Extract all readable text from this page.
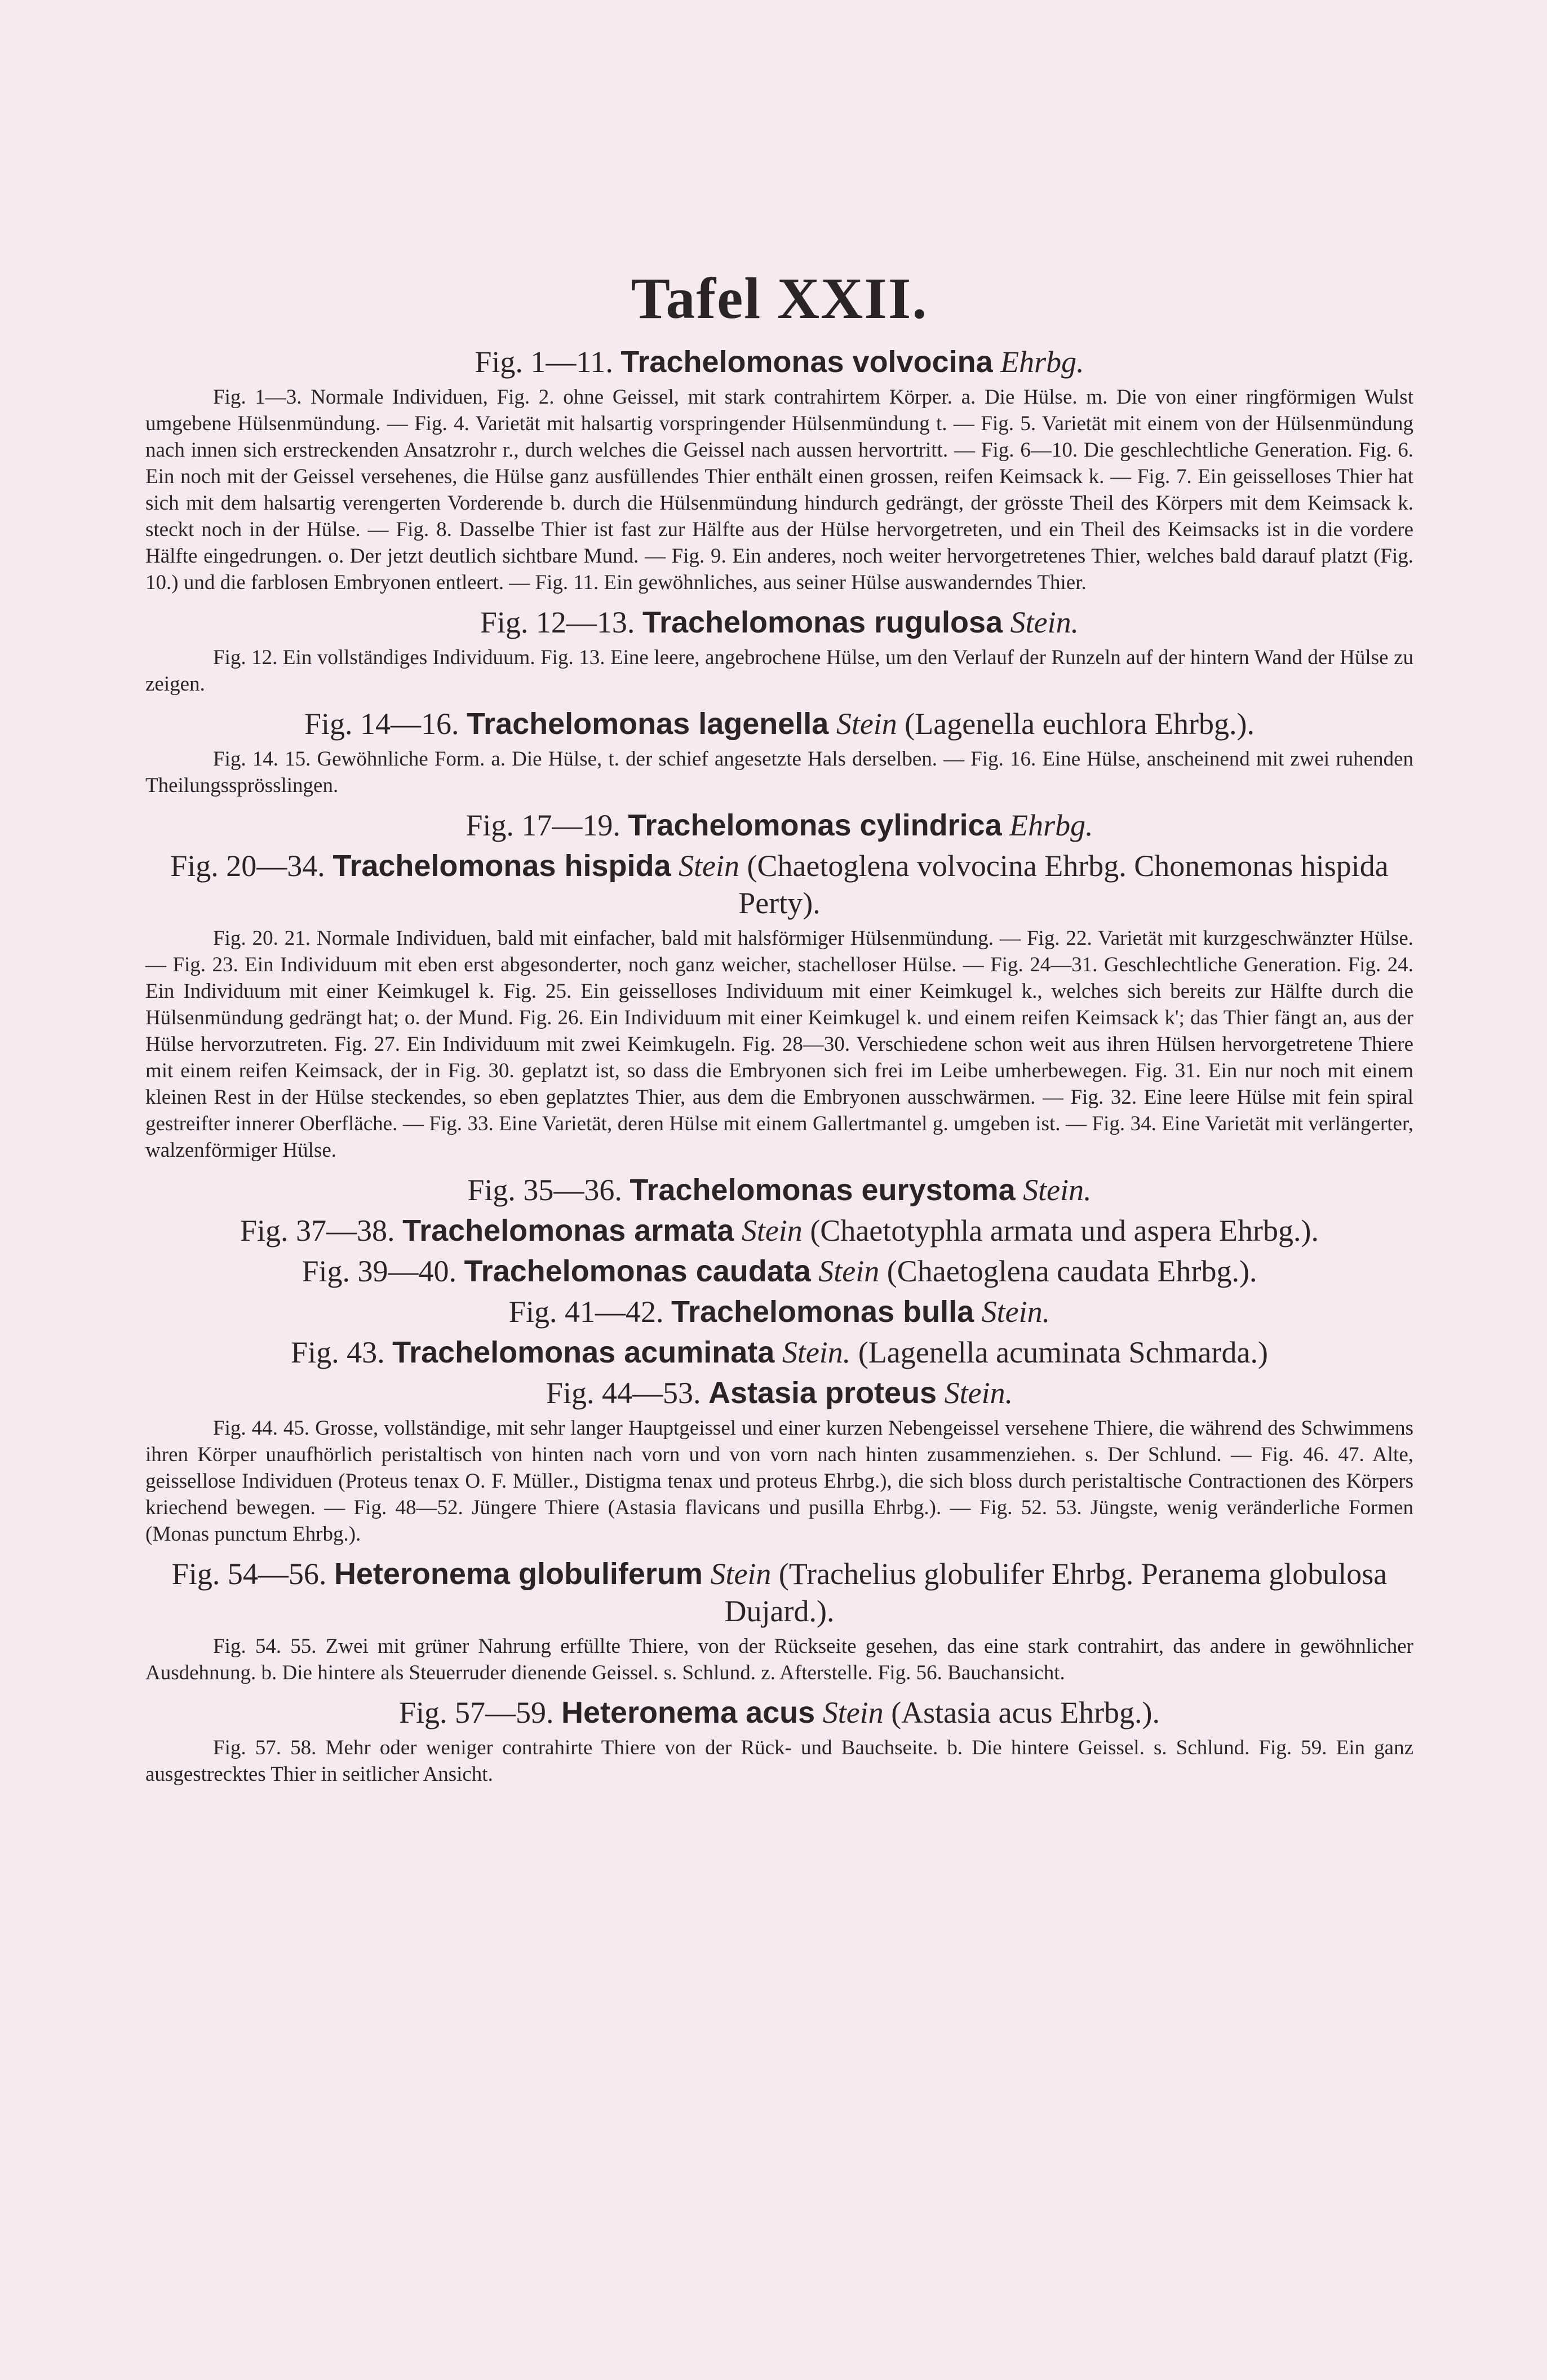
Tafel XXII.
Fig. 1—11. Trachelomonas volvocina Ehrbg.

Fig. 1—3. Normale Individuen, Fig. 2. ohne Geissel, mit stark contrahirtem Körper. a. Die Hülse. m. Die von einer ringförmigen Wulst umgebene Hülsenmündung. — Fig. 4. Varietät mit halsartig vorspringender Hülsenmündung t. — Fig. 5. Varietät mit einem von der Hülsenmündung nach innen sich erstreckenden Ansatzrohr r., durch welches die Geissel nach aussen hervortritt. — Fig. 6—10. Die geschlechtliche Generation. Fig. 6. Ein noch mit der Geissel versehenes, die Hülse ganz ausfüllendes Thier enthält einen grossen, reifen Keimsack k. — Fig. 7. Ein geisselloses Thier hat sich mit dem halsartig verengerten Vorderende b. durch die Hülsenmündung hindurch gedrängt, der grösste Theil des Körpers mit dem Keimsack k. steckt noch in der Hülse. — Fig. 8. Dasselbe Thier ist fast zur Hälfte aus der Hülse hervorgetreten, und ein Theil des Keimsacks ist in die vordere Hälfte eingedrungen. o. Der jetzt deutlich sichtbare Mund. — Fig. 9. Ein anderes, noch weiter hervorgetretenes Thier, welches bald darauf platzt (Fig. 10.) und die farblosen Embryonen entleert. — Fig. 11. Ein gewöhnliches, aus seiner Hülse auswanderndes Thier.

Fig. 12—13. Trachelomonas rugulosa Stein.

Fig. 12. Ein vollständiges Individuum. Fig. 13. Eine leere, angebrochene Hülse, um den Verlauf der Runzeln auf der hintern Wand der Hülse zu zeigen.

Fig. 14—16. Trachelomonas lagenella Stein (Lagenella euchlora Ehrbg.).

Fig. 14. 15. Gewöhnliche Form. a. Die Hülse, t. der schief angesetzte Hals derselben. — Fig. 16. Eine Hülse, anscheinend mit zwei ruhenden Theilungssprösslingen.

Fig. 17—19. Trachelomonas cylindrica Ehrbg.
Fig. 20—34. Trachelomonas hispida Stein (Chaetoglena volvocina Ehrbg. Chonemonas hispida Perty).

Fig. 20. 21. Normale Individuen, bald mit einfacher, bald mit halsförmiger Hülsenmündung. — Fig. 22. Varietät mit kurzgeschwänzter Hülse. — Fig. 23. Ein Individuum mit eben erst abgesonderter, noch ganz weicher, stachelloser Hülse. — Fig. 24—31. Geschlechtliche Generation. Fig. 24. Ein Individuum mit einer Keimkugel k. Fig. 25. Ein geisselloses Individuum mit einer Keimkugel k., welches sich bereits zur Hälfte durch die Hülsenmündung gedrängt hat; o. der Mund. Fig. 26. Ein Individuum mit einer Keimkugel k. und einem reifen Keimsack k'; das Thier fängt an, aus der Hülse hervorzutreten. Fig. 27. Ein Individuum mit zwei Keimkugeln. Fig. 28—30. Verschiedene schon weit aus ihren Hülsen hervorgetretene Thiere mit einem reifen Keimsack, der in Fig. 30. geplatzt ist, so dass die Embryonen sich frei im Leibe umherbewegen. Fig. 31. Ein nur noch mit einem kleinen Rest in der Hülse steckendes, so eben geplatztes Thier, aus dem die Embryonen ausschwärmen. — Fig. 32. Eine leere Hülse mit fein spiral gestreifter innerer Oberfläche. — Fig. 33. Eine Varietät, deren Hülse mit einem Gallertmantel g. umgeben ist. — Fig. 34. Eine Varietät mit verlängerter, walzenförmiger Hülse.

Fig. 35—36. Trachelomonas eurystoma Stein.
Fig. 37—38. Trachelomonas armata Stein (Chaetotyphla armata und aspera Ehrbg.).
Fig. 39—40. Trachelomonas caudata Stein (Chaetoglena caudata Ehrbg.).
Fig. 41—42. Trachelomonas bulla Stein.
Fig. 43. Trachelomonas acuminata Stein. (Lagenella acuminata Schmarda.)
Fig. 44—53. Astasia proteus Stein.

Fig. 44. 45. Grosse, vollständige, mit sehr langer Hauptgeissel und einer kurzen Nebengeissel versehene Thiere, die während des Schwimmens ihren Körper unaufhörlich peristaltisch von hinten nach vorn und von vorn nach hinten zusammenziehen. s. Der Schlund. — Fig. 46. 47. Alte, geissellose Individuen (Proteus tenax O. F. Müller., Distigma tenax und proteus Ehrbg.), die sich bloss durch peristaltische Contractionen des Körpers kriechend bewegen. — Fig. 48—52. Jüngere Thiere (Astasia flavicans und pusilla Ehrbg.). — Fig. 52. 53. Jüngste, wenig veränderliche Formen (Monas punctum Ehrbg.).

Fig. 54—56. Heteronema globuliferum Stein (Trachelius globulifer Ehrbg. Peranema globulosa Dujard.).

Fig. 54. 55. Zwei mit grüner Nahrung erfüllte Thiere, von der Rückseite gesehen, das eine stark contrahirt, das andere in gewöhnlicher Ausdehnung. b. Die hintere als Steuerruder dienende Geissel. s. Schlund. z. Afterstelle. Fig. 56. Bauchansicht.

Fig. 57—59. Heteronema acus Stein (Astasia acus Ehrbg.).

Fig. 57. 58. Mehr oder weniger contrahirte Thiere von der Rück- und Bauchseite. b. Die hintere Geissel. s. Schlund. Fig. 59. Ein ganz ausgestrecktes Thier in seitlicher Ansicht.
